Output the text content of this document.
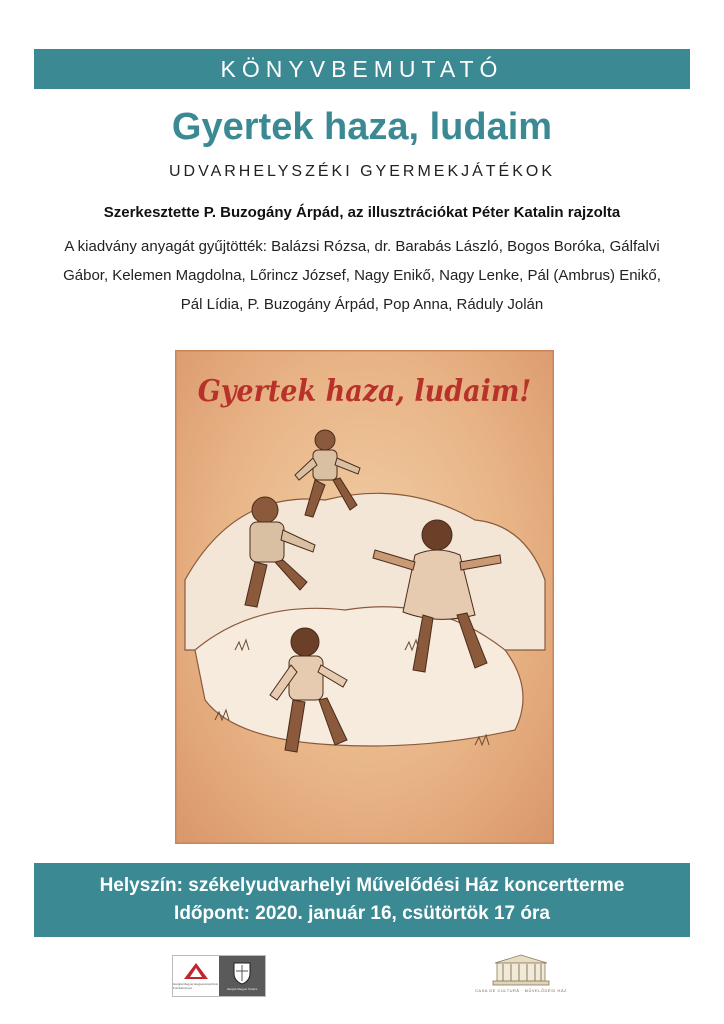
KÖNYVBEMUTATÓ
Gyertek haza, ludaim
UDVARHELYSZÉKI GYERMEKJÁTÉKOK
Szerkesztette P. Buzogány Árpád, az illusztrációkat Péter Katalin rajzolta
A kiadvány anyagát gyűjtötték: Balázsi Rózsa, dr. Barabás László, Bogos Boróka, Gálfalvi Gábor, Kelemen Magdolna, Lőrincz József, Nagy Enikő, Nagy Lenke, Pál (Ambrus) Enikő, Pál Lídia, P. Buzogány Árpád, Pop Anna, Ráduly Jolán
Gyertek haza, ludaim!
Helyszín: székelyudvarhelyi Művelődési Ház koncertterme
Időpont: 2020. január 16, csütörtök 17 óra
Hargita Megyei Hagyományőrzési Forrásközpont	Hargita Megyei Tanács	CASA DE CULTURĂ · MŰVELŐDÉSI HÁZ
